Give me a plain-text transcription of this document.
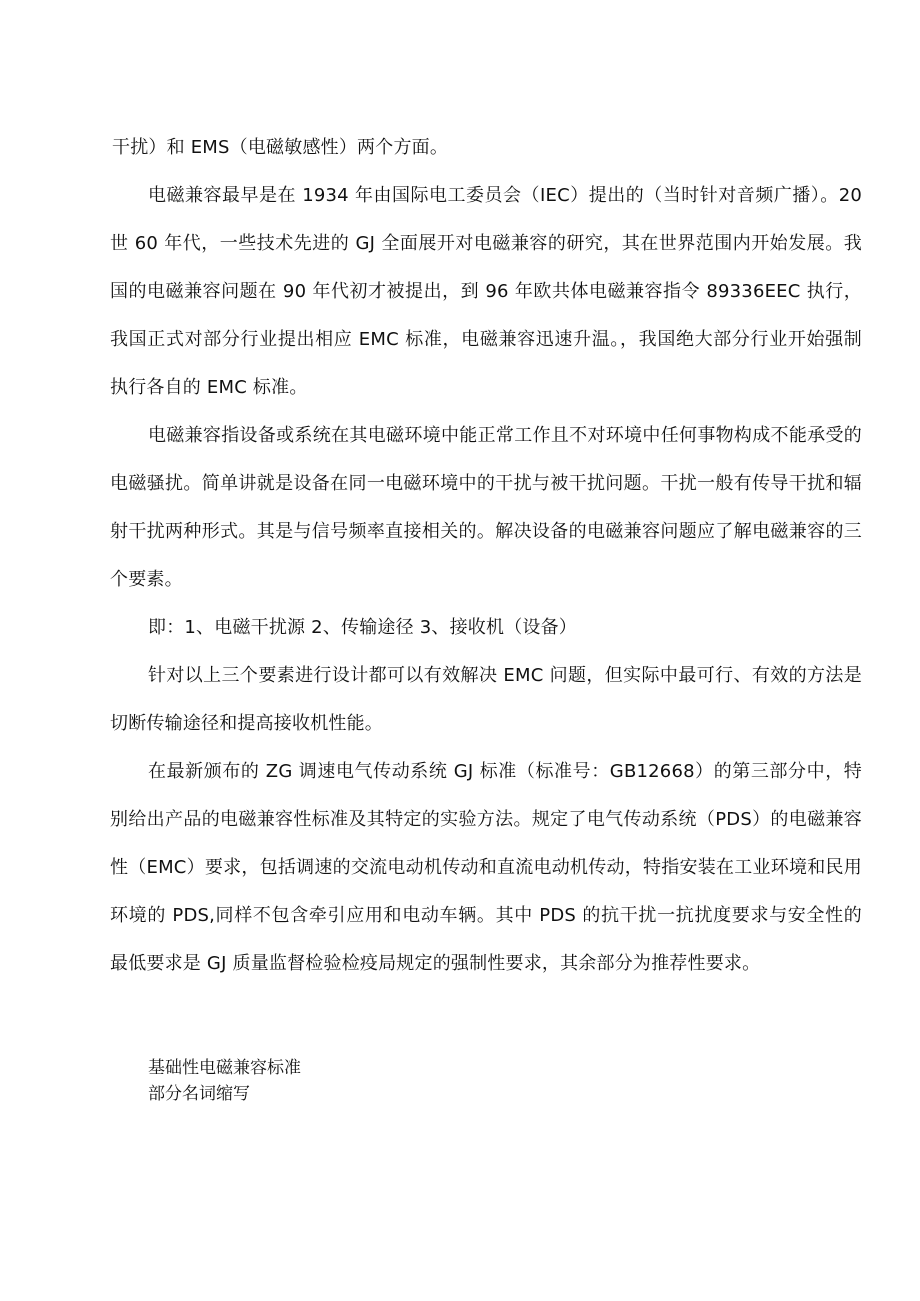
干扰）和 EMS（电磁敏感性）两个方面。

电磁兼容最早是在 1934 年由国际电工委员会（IEC）提出的（当时针对音频广播）。20 世 60 年代，一些技术先进的 GJ 全面展开对电磁兼容的研究，其在世界范围内开始发展。我国的电磁兼容问题在 90 年代初才被提出，到 96 年欧共体电磁兼容指令 89336EEC 执行，我国正式对部分行业提出相应 EMC 标准，电磁兼容迅速升温。，我国绝大部分行业开始强制执行各自的 EMC 标准。

电磁兼容指设备或系统在其电磁环境中能正常工作且不对环境中任何事物构成不能承受的电磁骚扰。简单讲就是设备在同一电磁环境中的干扰与被干扰问题。干扰一般有传导干扰和辐射干扰两种形式。其是与信号频率直接相关的。解决设备的电磁兼容问题应了解电磁兼容的三个要素。

即：1、电磁干扰源 2、传输途径 3、接收机（设备）

针对以上三个要素进行设计都可以有效解决 EMC 问题，但实际中最可行、有效的方法是切断传输途径和提高接收机性能。

在最新颁布的 ZG 调速电气传动系统 GJ 标准（标准号：GB12668）的第三部分中，特别给出产品的电磁兼容性标准及其特定的实验方法。规定了电气传动系统（PDS）的电磁兼容性（EMC）要求，包括调速的交流电动机传动和直流电动机传动，特指安装在工业环境和民用环境的 PDS,同样不包含牵引应用和电动车辆。其中 PDS 的抗干扰一抗扰度要求与安全性的最低要求是 GJ 质量监督检验检疫局规定的强制性要求，其余部分为推荐性要求。

基础性电磁兼容标准

部分名词缩写
